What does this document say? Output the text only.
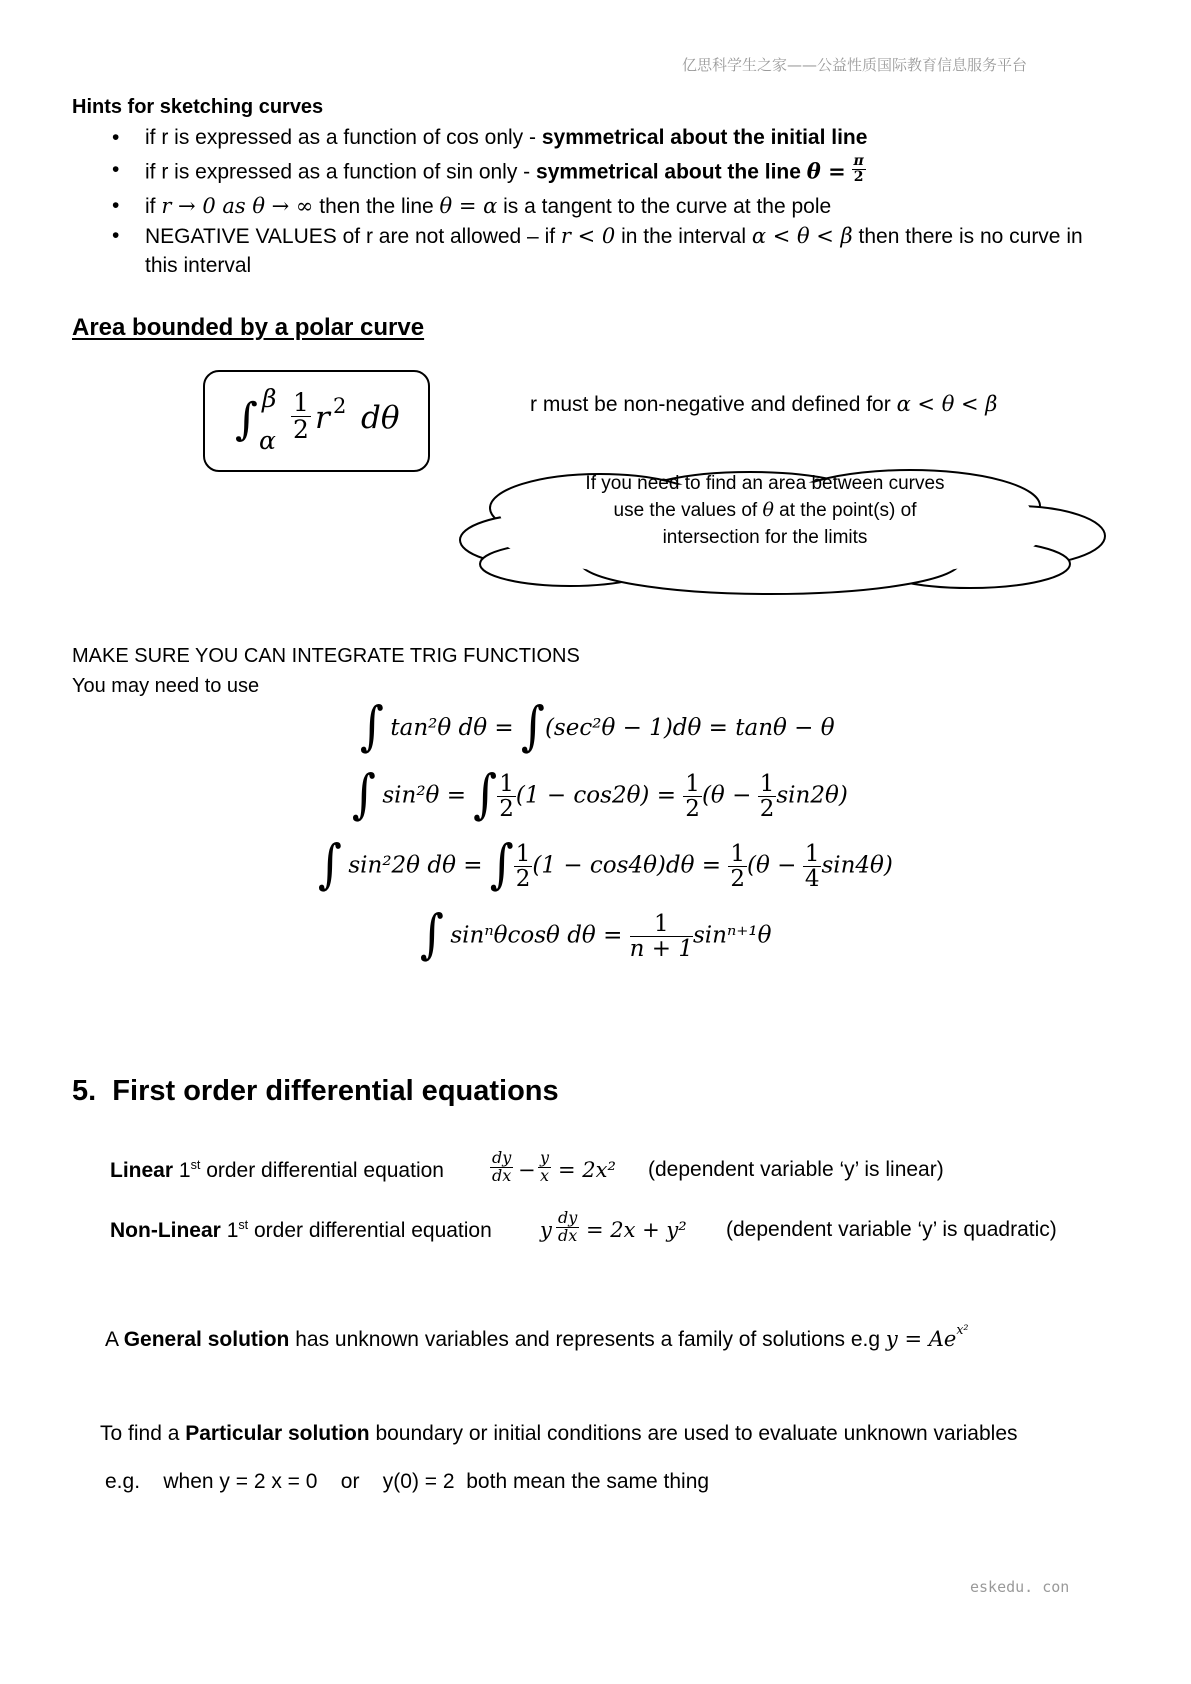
亿思科学生之家——公益性质国际教育信息服务平台
Hints for sketching curves
• if r is expressed as a function of cos only - symmetrical about the initial line
• if r is expressed as a function of sin only - symmetrical about the line $\theta = \frac{\pi}{2}$
• if r → 0 as θ → ∞ then the line θ = α is a tangent to the curve at the pole
• NEGATIVE VALUES of r are not allowed – if r < 0 in the interval α < θ < β then there is no curve in
this interval
Area bounded by a polar curve
∫ β
α $\frac{1}{2}$ r 2 dθ	r must be non-negative and defined for α < θ < β
If you need to find an area between curves
use the values of θ at the point(s) of
intersection for the limits
MAKE SURE YOU CAN INTEGRATE TRIG FUNCTIONS
You may need to use
∫ tan²θ dθ = ∫(sec²θ − 1)dθ = tanθ − θ
∫ sin²θ = ∫ $\frac{1}{2} (1 - \cos 2\theta) = \frac{1}{2} (\theta - \frac{1}{2} \sin 2\theta)$
∫ sin²2θ dθ = ∫ $\frac{1}{2} (1 - \cos 4\theta)d\theta = \frac{1}{2} (\theta - \frac{1}{4} \sin 4\theta)$
∫ sinⁿθcosθ $d\theta = \frac{1}{n + 1} \sin^{n+1}\theta$
5.  First order differential equations
Linear 1st order differential equation	$\frac{dy}{dx} - \frac{y}{x} = 2x^2$ (dependent variable ‘y’ is linear)
Non-Linear 1st order differential equation y $\frac{dy}{dx} = 2x + y^2$ (dependent variable ‘y’ is quadratic)
A General solution has unknown variables and represents a family of solutions e.g $y = Ae^{x^2}$
To find a Particular solution boundary or initial conditions are used to evaluate unknown variables
e.g.    when y = 2 x = 0    or    y(0) = 2  both mean the same thing
eskedu. con
